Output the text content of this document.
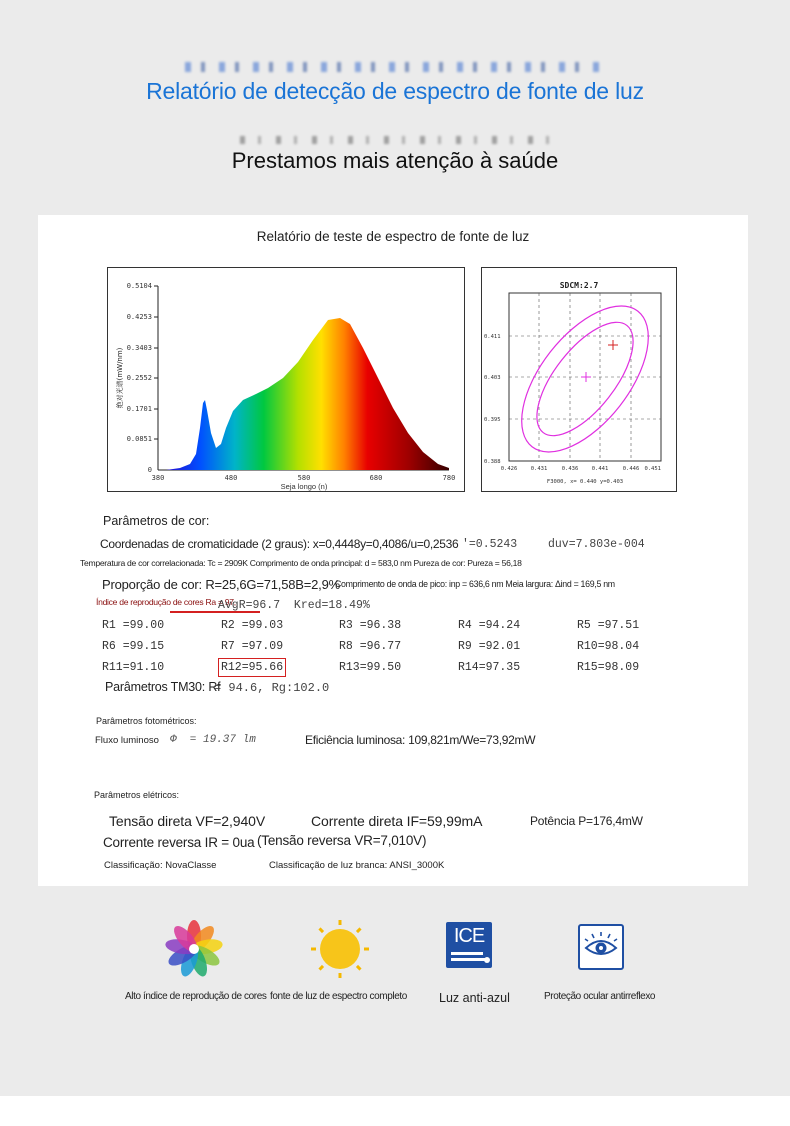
Relatório de detecção de espectro de fonte de luz
Prestamos mais atenção à saúde
Relatório de teste de espectro de fonte de luz
0.5104
0.4253
0.3403
0.2552
0.1701
0.0851
0
380	480	580	680	780
Seja longo (n)
绝对光谱(mW/nm)
SDCM:2.7
0.411
0.403
0.395
0.388
0.426 0.431	0.436 0.441	0.446 0.451
F3000, x= 0.440 y=0.403
Parâmetros de cor:
Coordenadas de cromaticidade (2 graus): x=0,4448y=0,4086/u=0,2536 '=0.5243	duv=7.803e-004
Temperatura de cor correlacionada: Tc = 2909K Comprimento de onda principal: d = 583,0 nm Pureza de cor: Pureza = 56,18
Proporção de cor: R=25,6G=71,58B=2,9%
Comprimento de onda de pico: inp = 636,6 nm Meia largura: Δind = 169,5 nm
Índice de reprodução de cores Ra = 97,
AvgR=96.7  Kred=18.49%
R1 =99.00	R2 =99.03	R3 =96.38	R4 =94.24	R5 =97.51
R6 =99.15	R7 =97.09	R8 =96.77	R9 =92.01	R10=98.04
R11=91.10	R12=95.66	R13=99.50	R14=97.35	R15=98.09
Parâmetros TM30: Rf
= 94.6, Rg:102.0
Parâmetros fotométricos:
Fluxo luminoso Φ  = 19.37 lm	Eficiência luminosa: 109,821m/We=73,92mW
Parâmetros elétricos:
Tensão direta VF=2,940V	Corrente direta IF=59,99mA	Potência P=176,4mW
Corrente reversa IR = 0ua (Tensão reversa VR=7,010V)
Classificação: NovaClasse	Classificação de luz branca: ANSI_3000K
Alto índice de reprodução de cores fonte de luz de espectro completo
ICE
Luz anti-azul	Proteção ocular antirreflexo
